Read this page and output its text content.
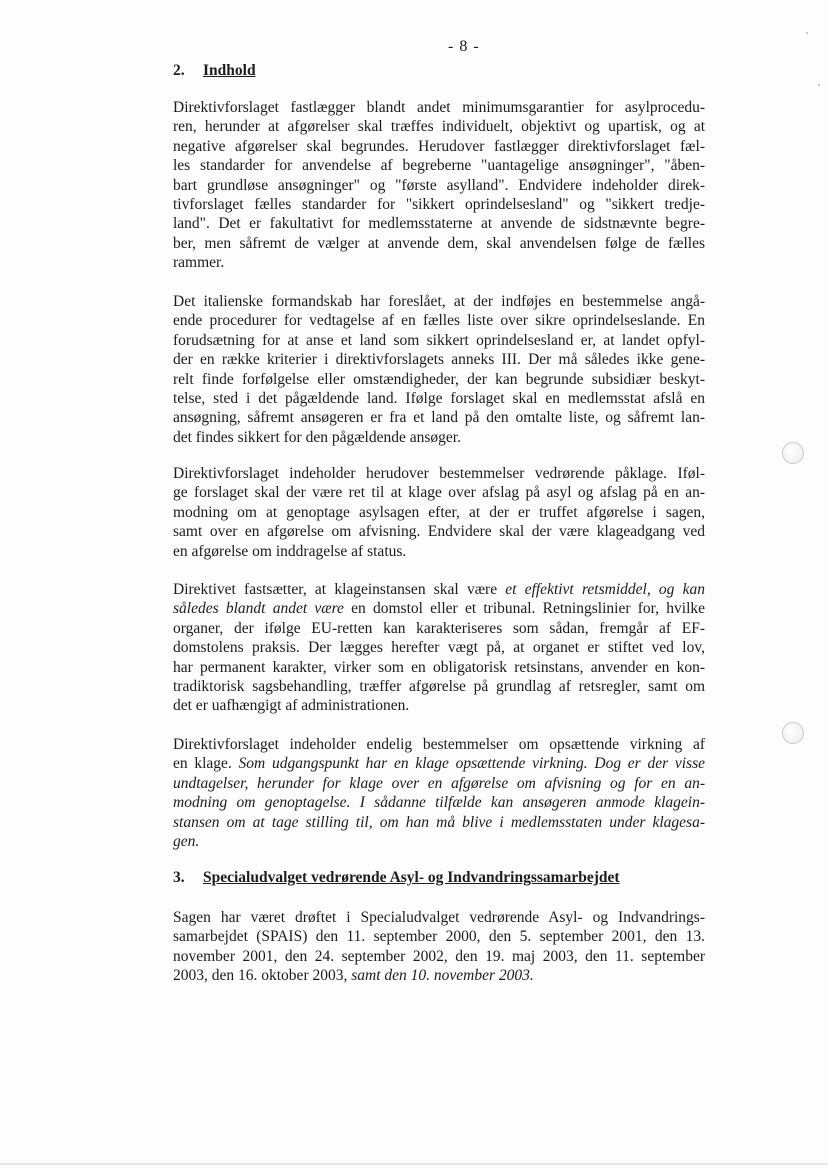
- 8 -
2. Indhold
Direktivforslaget fastlægger blandt andet minimumsgarantier for asylprocedu-
ren, herunder at afgørelser skal træffes individuelt, objektivt og upartisk, og at
negative afgørelser skal begrundes. Herudover fastlægger direktivforslaget fæl-
les standarder for anvendelse af begreberne "uantagelige ansøgninger", "åben-
bart grundløse ansøgninger" og "første asylland". Endvidere indeholder direk-
tivforslaget fælles standarder for "sikkert oprindelsesland" og "sikkert tredje-
land". Det er fakultativt for medlemsstaterne at anvende de sidstnævnte begre-
ber, men såfremt de vælger at anvende dem, skal anvendelsen følge de fælles
rammer.
Det italienske formandskab har foreslået, at der indføjes en bestemmelse angå-
ende procedurer for vedtagelse af en fælles liste over sikre oprindelseslande. En
forudsætning for at anse et land som sikkert oprindelsesland er, at landet opfyl-
der en række kriterier i direktivforslagets anneks III. Der må således ikke gene-
relt finde forfølgelse eller omstændigheder, der kan begrunde subsidiær beskyt-
telse, sted i det pågældende land. Ifølge forslaget skal en medlemsstat afslå en
ansøgning, såfremt ansøgeren er fra et land på den omtalte liste, og såfremt lan-
det findes sikkert for den pågældende ansøger.
Direktivforslaget indeholder herudover bestemmelser vedrørende påklage. Iføl-
ge forslaget skal der være ret til at klage over afslag på asyl og afslag på en an-
modning om at genoptage asylsagen efter, at der er truffet afgørelse i sagen,
samt over en afgørelse om afvisning. Endvidere skal der være klageadgang ved
en afgørelse om inddragelse af status.
Direktivet fastsætter, at klageinstansen skal være et effektivt retsmiddel, og kan
således blandt andet være en domstol eller et tribunal. Retningslinier for, hvilke
organer, der ifølge EU-retten kan karakteriseres som sådan, fremgår af EF-
domstolens praksis. Der lægges herefter vægt på, at organet er stiftet ved lov,
har permanent karakter, virker som en obligatorisk retsinstans, anvender en kon-
tradiktorisk sagsbehandling, træffer afgørelse på grundlag af retsregler, samt om
det er uafhængigt af administrationen.
Direktivforslaget indeholder endelig bestemmelser om opsættende virkning af
en klage. Som udgangspunkt har en klage opsættende virkning. Dog er der visse
undtagelser, herunder for klage over en afgørelse om afvisning og for en an-
modning om genoptagelse. I sådanne tilfælde kan ansøgeren anmode klagein-
stansen om at tage stilling til, om han må blive i medlemsstaten under klagesa-
gen.
3. Specialudvalget vedrørende Asyl- og Indvandringssamarbejdet
Sagen har været drøftet i Specialudvalget vedrørende Asyl- og Indvandrings-
samarbejdet (SPAIS) den 11. september 2000, den 5. september 2001, den 13.
november 2001, den 24. september 2002, den 19. maj 2003, den 11. september
2003, den 16. oktober 2003, samt den 10. november 2003.
